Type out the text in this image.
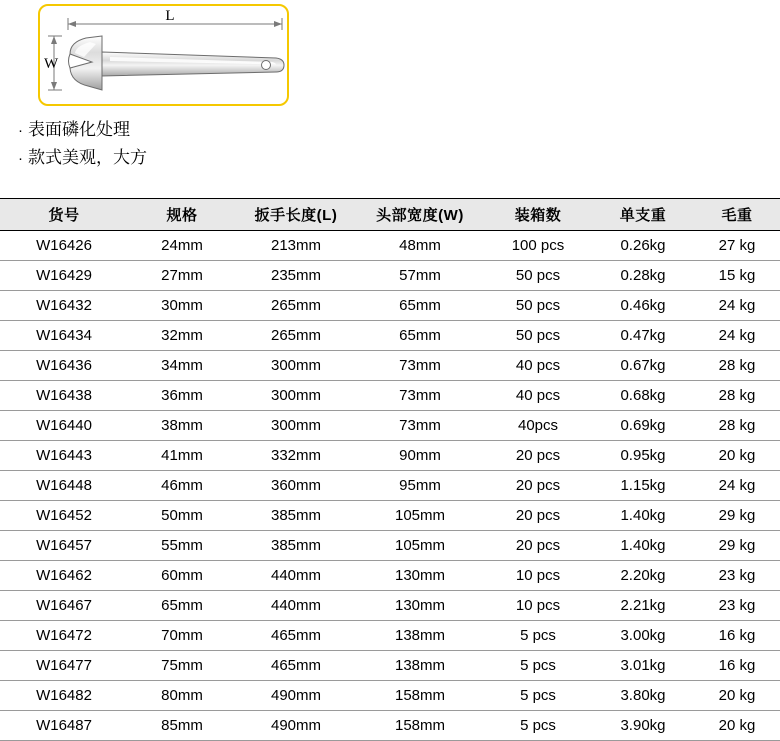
L
W
· 表面磷化处理
· 款式美观，大方
货号	规格	扳手长度(L)	头部宽度(W)	装箱数	单支重	毛重
W16426	24mm	213mm	48mm	100 pcs	0.26kg	27 kg
W16429	27mm	235mm	57mm	50 pcs	0.28kg	15 kg
W16432	30mm	265mm	65mm	50 pcs	0.46kg	24 kg
W16434	32mm	265mm	65mm	50 pcs	0.47kg	24 kg
W16436	34mm	300mm	73mm	40 pcs	0.67kg	28 kg
W16438	36mm	300mm	73mm	40 pcs	0.68kg	28 kg
W16440	38mm	300mm	73mm	40pcs	0.69kg	28 kg
W16443	41mm	332mm	90mm	20 pcs	0.95kg	20 kg
W16448	46mm	360mm	95mm	20 pcs	1.15kg	24 kg
W16452	50mm	385mm	105mm	20 pcs	1.40kg	29 kg
W16457	55mm	385mm	105mm	20 pcs	1.40kg	29 kg
W16462	60mm	440mm	130mm	10 pcs	2.20kg	23 kg
W16467	65mm	440mm	130mm	10 pcs	2.21kg	23 kg
W16472	70mm	465mm	138mm	5 pcs	3.00kg	16 kg
W16477	75mm	465mm	138mm	5 pcs	3.01kg	16 kg
W16482	80mm	490mm	158mm	5 pcs	3.80kg	20 kg
W16487	85mm	490mm	158mm	5 pcs	3.90kg	20 kg
